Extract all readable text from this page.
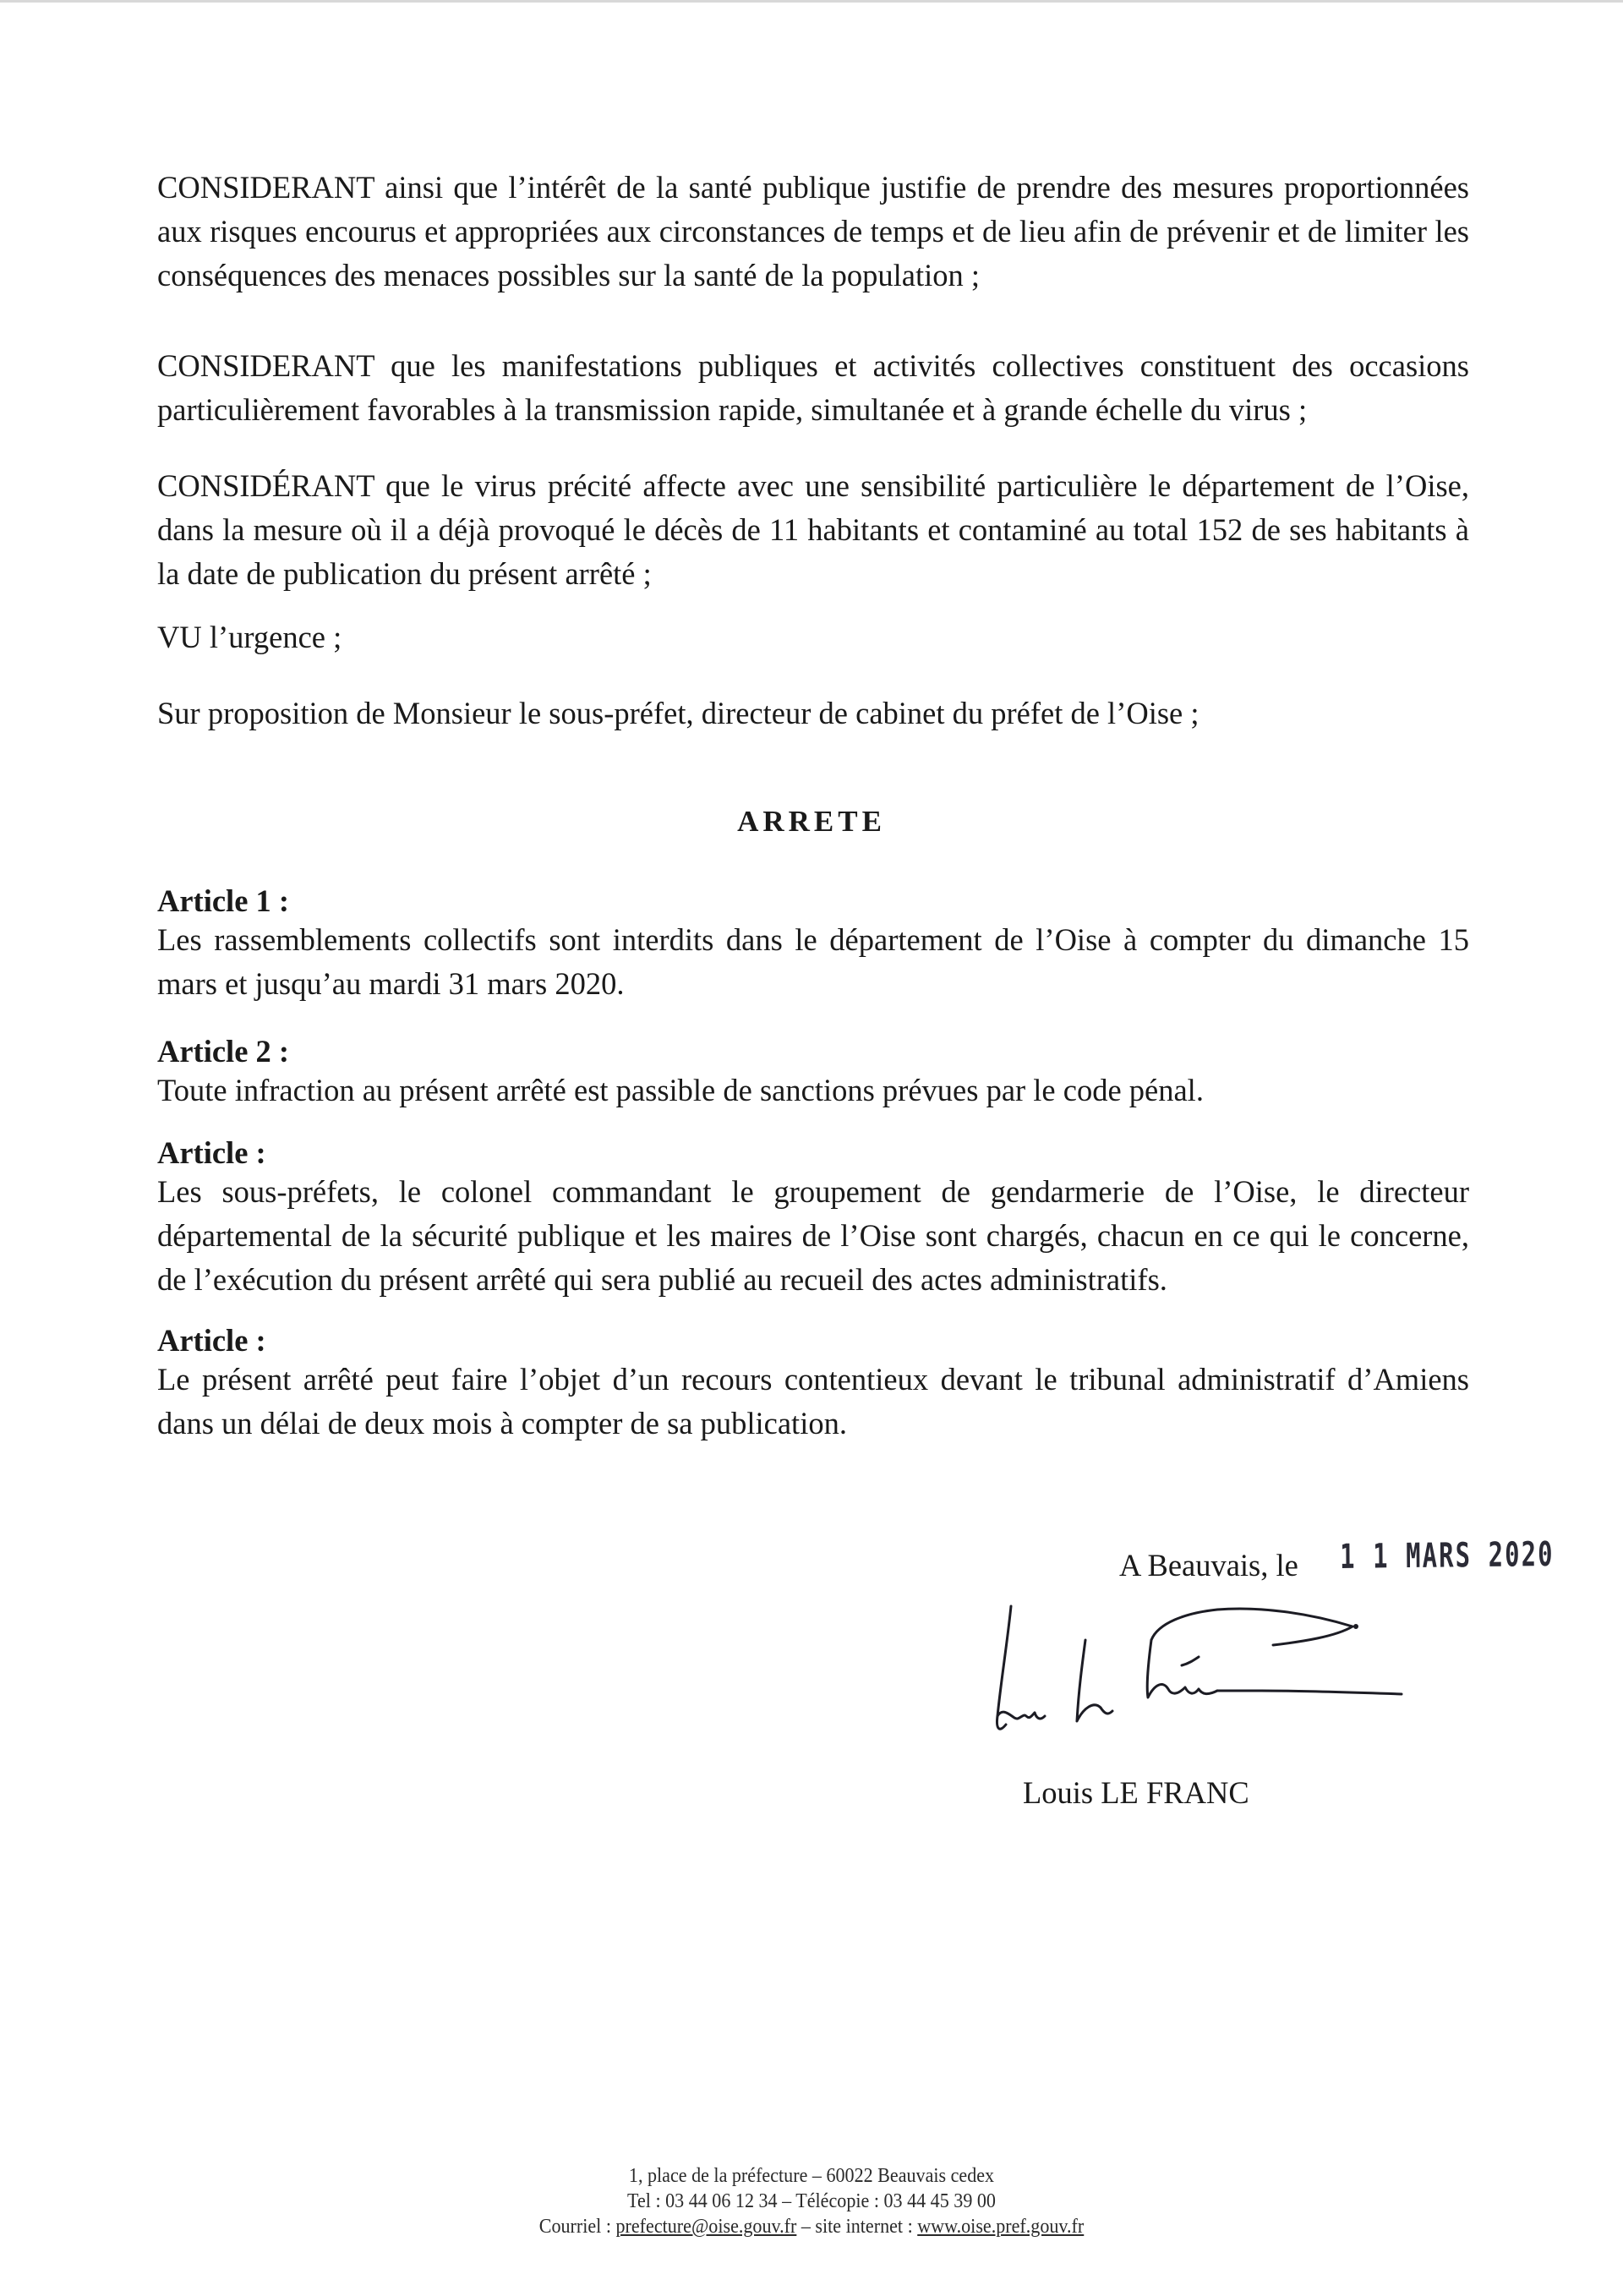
CONSIDERANT ainsi que l’intérêt de la santé publique justifie de prendre des mesures proportionnées aux risques encourus et appropriées aux circonstances de temps et de lieu afin de prévenir et de limiter les conséquences des menaces possibles sur la santé de la population ;

CONSIDERANT que les manifestations publiques et activités collectives constituent des occasions particulièrement favorables à la transmission rapide, simultanée et à grande échelle du virus ;

CONSIDÉRANT que le virus précité affecte avec une sensibilité particulière le département de l’Oise, dans la mesure où il a déjà provoqué le décès de 11 habitants et contaminé au total 152 de ses habitants à la date de publication du présent arrêté ;

VU l’urgence ;

Sur proposition de Monsieur le sous-préfet, directeur de cabinet du préfet de l’Oise ;

ARRETE

Article 1 :

Les rassemblements collectifs sont interdits dans le département de l’Oise à compter du dimanche 15 mars et jusqu’au mardi 31 mars 2020.

Article 2 :

Toute infraction au présent arrêté est passible de sanctions prévues par le code pénal.

Article :

Les sous-préfets, le colonel commandant le groupement de gendarmerie de l’Oise, le directeur départemental de la sécurité publique et les maires de l’Oise sont chargés, chacun en ce qui le concerne, de l’exécution du présent arrêté qui sera publié au recueil des actes administratifs.

Article :

Le présent arrêté peut faire l’objet d’un recours contentieux devant le tribunal administratif d’Amiens dans un délai de deux mois à compter de sa publication.

A Beauvais, le 1 1 MARS 2020
Louis Le Franc
Louis LE FRANC
1, place de la préfecture – 60022 Beauvais cedex
Tel : 03 44 06 12 34 – Télécopie : 03 44 45 39 00
Courriel : prefecture@oise.gouv.fr – site internet : www.oise.pref.gouv.fr
